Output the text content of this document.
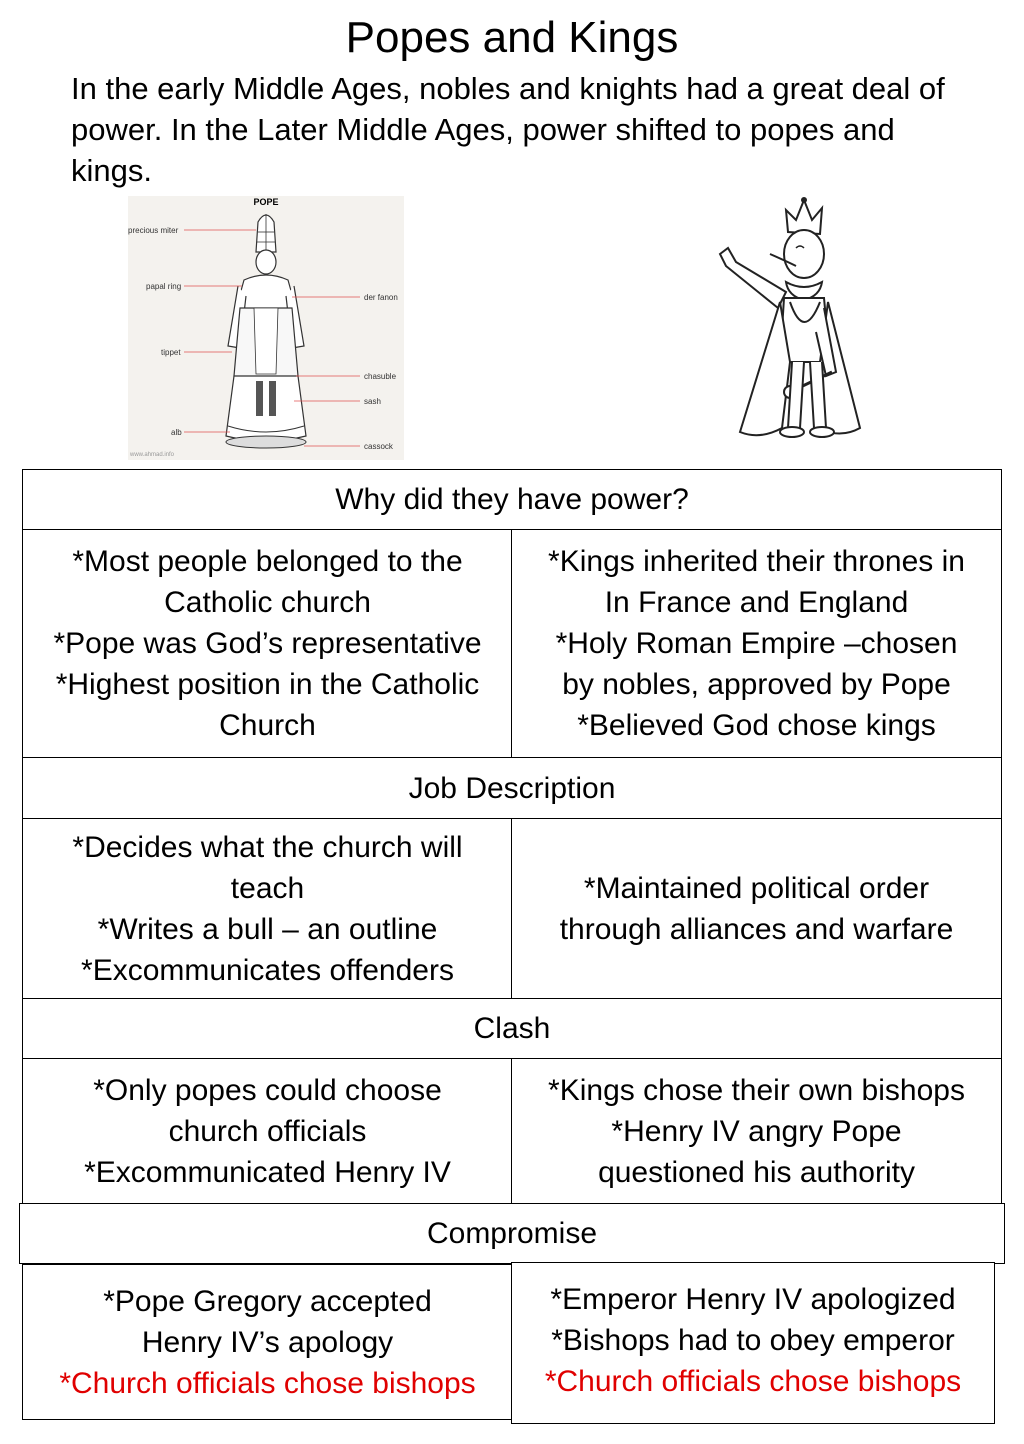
Popes and Kings
In the early Middle Ages, nobles and knights had a great deal of power. In the Later Middle Ages, power shifted to popes and kings.
POPE
precious miter
papal ring
tippet
alb
der fanon
chasuble
sash
cassock
www.ahmad.info
Why did they have power?
*Most people belonged to the
Catholic church
*Pope was God’s representative
*Highest position in the Catholic
Church
*Kings inherited their thrones in
In France and England
*Holy Roman Empire –chosen
by nobles, approved by Pope
*Believed God chose kings
Job Description
*Decides what the church will
teach
*Writes a bull – an outline
*Excommunicates offenders
*Maintained political order
through alliances and warfare
Clash
*Only popes could choose
church officials
*Excommunicated Henry IV
*Kings chose their own bishops
*Henry IV angry Pope
questioned his authority
Compromise
*Pope Gregory accepted
Henry IV’s apology
*Church officials chose bishops
*Emperor Henry IV apologized
*Bishops had to obey emperor
*Church officials chose bishops
